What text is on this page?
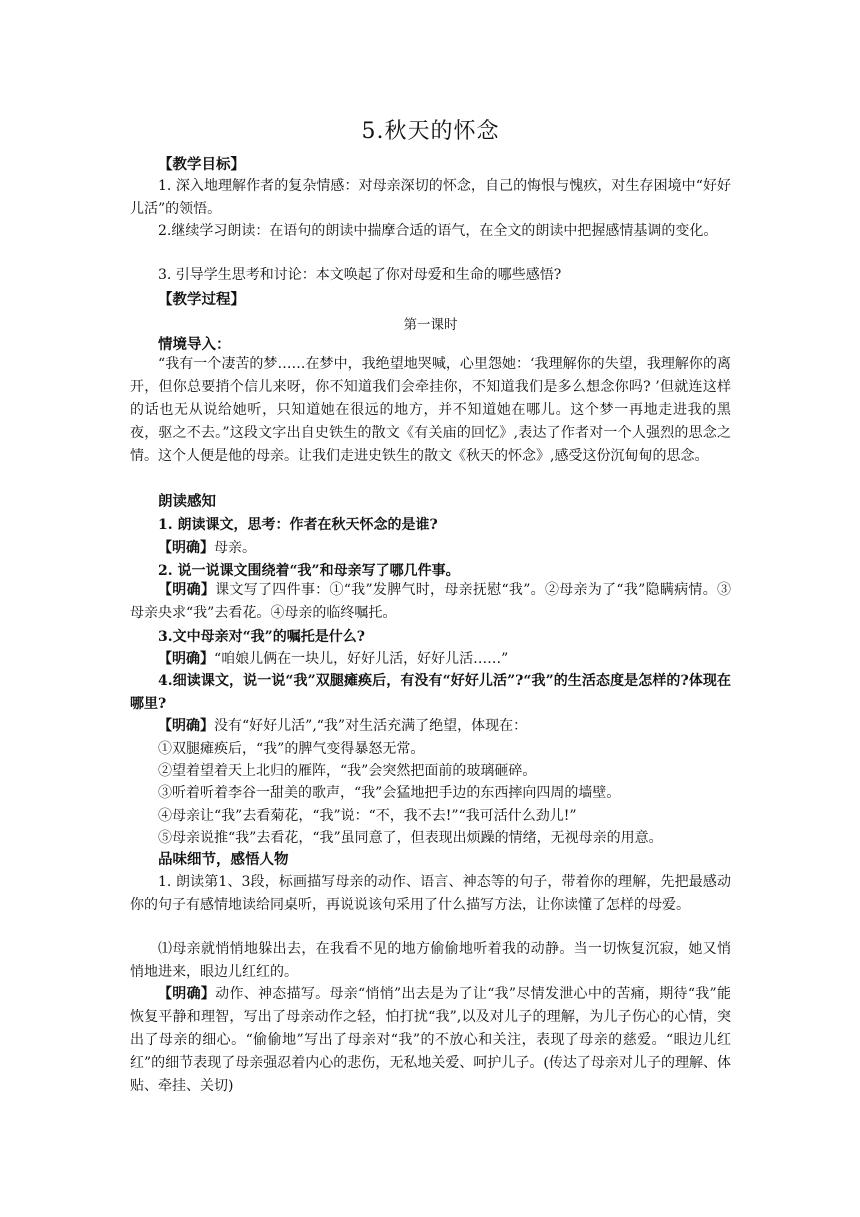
5.秋天的怀念
【教学目标】
1. 深入地理解作者的复杂情感：对母亲深切的怀念，自己的悔恨与愧疚，对生存困境中“好好儿活”的领悟。
2.继续学习朗读：在语句的朗读中揣摩合适的语气，在全文的朗读中把握感情基调的变化。
3. 引导学生思考和讨论：本文唤起了你对母爱和生命的哪些感悟?
【教学过程】
第一课时
情境导入：
“我有一个凄苦的梦……在梦中，我绝望地哭喊，心里怨她：‘我理解你的失望，我理解你的离开，但你总要捎个信儿来呀，你不知道我们会牵挂你，不知道我们是多么想念你吗? ’但就连这样的话也无从说给她听，只知道她在很远的地方，并不知道她在哪儿。这个梦一再地走进我的黑夜，驱之不去。”这段文字出自史铁生的散文《有关庙的回忆》,表达了作者对一个人强烈的思念之情。这个人便是他的母亲。让我们走进史铁生的散文《秋天的怀念》,感受这份沉甸甸的思念。
朗读感知
1. 朗读课文，思考：作者在秋天怀念的是谁?
【明确】母亲。
2. 说一说课文围绕着“我”和母亲写了哪几件事。
【明确】课文写了四件事：①“我”发脾气时，母亲抚慰“我”。②母亲为了“我”隐瞒病情。③母亲央求“我”去看花。④母亲的临终嘱托。
3.文中母亲对“我”的嘱托是什么?
【明确】“咱娘儿俩在一块儿，好好儿活，好好儿活……”
4.细读课文，说一说“我”双腿瘫痪后，有没有“好好儿活”?“我”的生活态度是怎样的?体现在哪里?
【明确】没有“好好儿活”,“我”对生活充满了绝望，体现在：
①双腿瘫痪后，“我”的脾气变得暴怒无常。
②望着望着天上北归的雁阵，“我”会突然把面前的玻璃砸碎。
③听着听着李谷一甜美的歌声，“我”会猛地把手边的东西摔向四周的墙壁。
④母亲让“我”去看菊花，“我”说：“不，我不去!”“我可活什么劲儿!”
⑤母亲说推“我”去看花，“我”虽同意了，但表现出烦躁的情绪，无视母亲的用意。
品味细节，感悟人物
1. 朗读第1、3段，标画描写母亲的动作、语言、神态等的句子，带着你的理解，先把最感动你的句子有感情地读给同桌听，再说说该句采用了什么描写方法，让你读懂了怎样的母爱。
⑴母亲就悄悄地躲出去，在我看不见的地方偷偷地听着我的动静。当一切恢复沉寂，她又悄悄地进来，眼边儿红红的。
【明确】动作、神态描写。母亲“悄悄”出去是为了让“我”尽情发泄心中的苦痛，期待“我”能恢复平静和理智，写出了母亲动作之轻，怕打扰“我”,以及对儿子的理解，为儿子伤心的心情，突出了母亲的细心。“偷偷地”写出了母亲对“我”的不放心和关注，表现了母亲的慈爱。“眼边儿红红”的细节表现了母亲强忍着内心的悲伤，无私地关爱、呵护儿子。(传达了母亲对儿子的理解、体贴、牵挂、关切)
